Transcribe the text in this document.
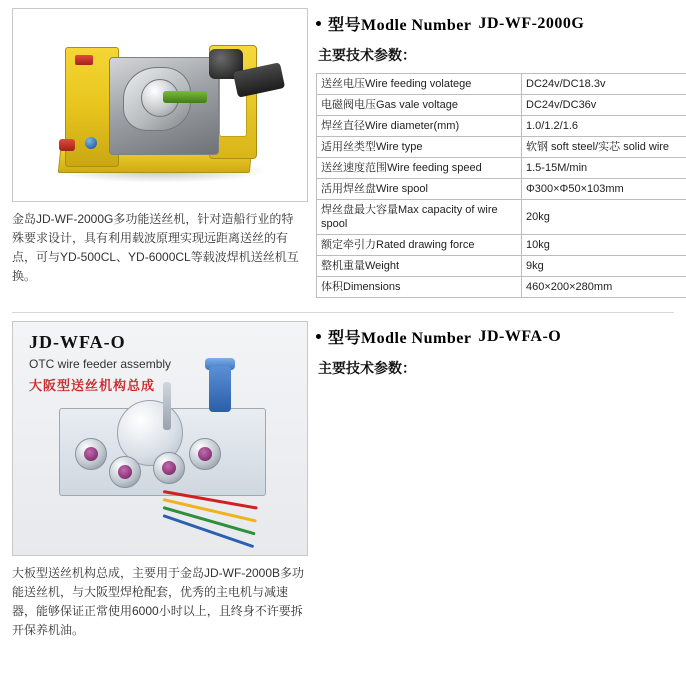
金岛JD-WF-2000G多功能送丝机，针对造船行业的特殊要求设计，具有利用载波原理实现远距离送丝的有点，可与YD-500CL、YD-6000CL等载波焊机送丝机互换。
型号Modle Number JD-WF-2000G
主要技术参数：
送丝电压Wire feeding volatege	DC24v/DC18.3v
电磁阀电压Gas vale voltage	DC24v/DC36v
焊丝直径Wire diameter(mm)	1.0/1.2/1.6
适用丝类型Wire type	软钢 soft steel/实芯 solid wire
送丝速度范围Wire feeding speed	1.5-15M/min
活用焊丝盘Wire spool	Φ300×Φ50×103mm
焊丝盘最大容量Max capacity of wire spool	20kg
额定牵引力Rated drawing force	10kg
整机重量Weight	9kg
体积Dimensions	460×200×280mm
JD-WFA-O
OTC wire feeder assembly
大阪型送丝机构总成
大板型送丝机构总成，主要用于金岛JD-WF-2000B多功能送丝机，与大阪型焊枪配套，优秀的主电机与减速器，能够保证正常使用6000小时以上，且终身不许要拆开保养机油。
型号Modle Number JD-WFA-O
主要技术参数：
